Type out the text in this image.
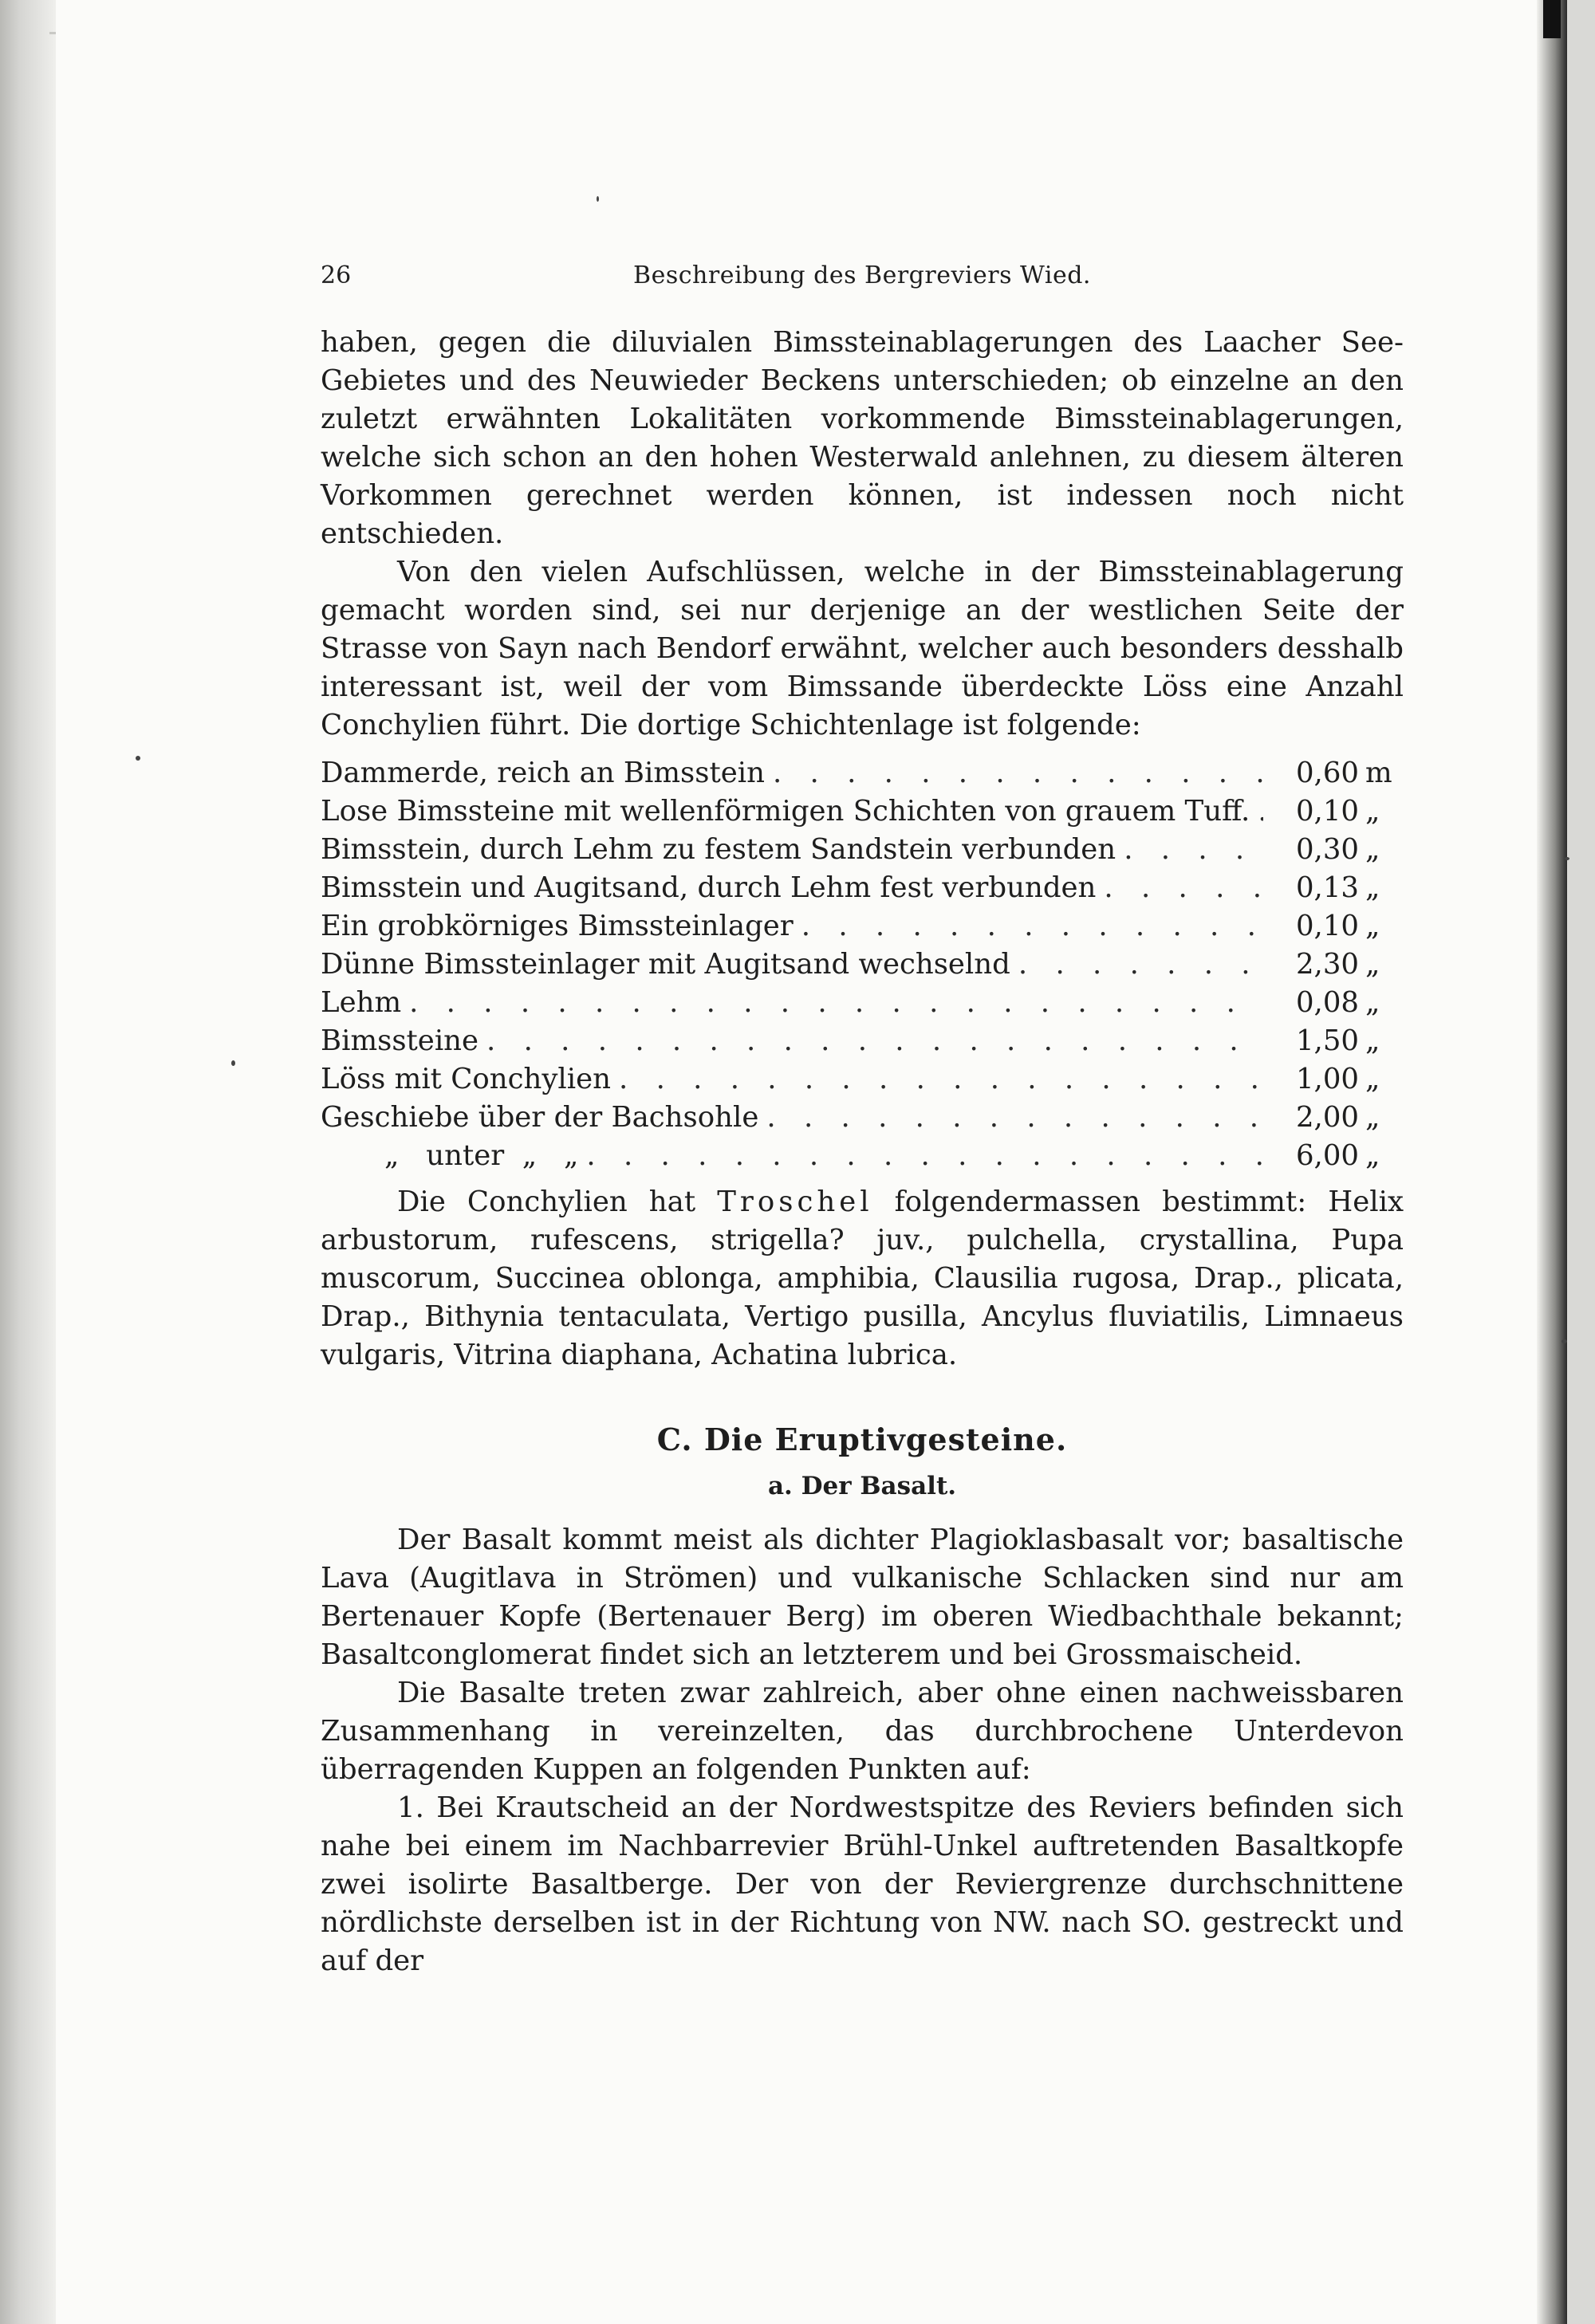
26	Beschreibung des Bergreviers Wied.

haben, gegen die diluvialen Bimssteinablagerungen des Laacher See-Gebietes und des Neuwieder Beckens unterschieden; ob einzelne an den zuletzt erwähnten Lokalitäten vorkommende Bimssteinablagerungen, welche sich schon an den hohen Westerwald anlehnen, zu diesem älteren Vorkommen gerechnet werden können, ist indessen noch nicht entschieden.

Von den vielen Aufschlüssen, welche in der Bimssteinablagerung gemacht worden sind, sei nur derjenige an der westlichen Seite der Strasse von Sayn nach Bendorf erwähnt, welcher auch besonders desshalb interessant ist, weil der vom Bimssande überdeckte Löss eine Anzahl Conchylien führt. Die dortige Schichtenlage ist folgende:

Dammerde, reich an Bimsstein . . .	0,60 m
Lose Bimssteine mit wellenförmigen Schichten von grauem Tuff. . . .	0,10 „
Bimsstein, durch Lehm zu festem Sandstein verbunden . . .	0,30 „
Bimsstein und Augitsand, durch Lehm fest verbunden . . .	0,13 „
Ein grobkörniges Bimssteinlager . . .	0,10 „
Dünne Bimssteinlager mit Augitsand wechselnd . . .	2,30 „
Lehm . . .	0,08 „
Bimssteine . . .	1,50 „
Löss mit Conchylien . . .	1,00 „
Geschiebe über der Bachsohle . . .	2,00 „
„   unter  „   „ . . .	6,00 „

Die Conchylien hat Troschel folgendermassen bestimmt: Helix arbustorum, rufescens, strigella? juv., pulchella, crystallina, Pupa muscorum, Succinea oblonga, amphibia, Clausilia rugosa, Drap., plicata, Drap., Bithynia tentaculata, Vertigo pusilla, Ancylus fluviatilis, Limnaeus vulgaris, Vitrina diaphana, Achatina lubrica.

C. Die Eruptivgesteine.
a. Der Basalt.

Der Basalt kommt meist als dichter Plagioklasbasalt vor; basaltische Lava (Augitlava in Strömen) und vulkanische Schlacken sind nur am Bertenauer Kopfe (Bertenauer Berg) im oberen Wiedbachthale bekannt; Basaltconglomerat findet sich an letzterem und bei Grossmaischeid.

Die Basalte treten zwar zahlreich, aber ohne einen nachweissbaren Zusammenhang in vereinzelten, das durchbrochene Unterdevon überragenden Kuppen an folgenden Punkten auf:

1. Bei Krautscheid an der Nordwestspitze des Reviers befinden sich nahe bei einem im Nachbarrevier Brühl-Unkel auftretenden Basaltkopfe zwei isolirte Basaltberge. Der von der Reviergrenze durchschnittene nördlichste derselben ist in der Richtung von NW. nach SO. gestreckt und auf der
